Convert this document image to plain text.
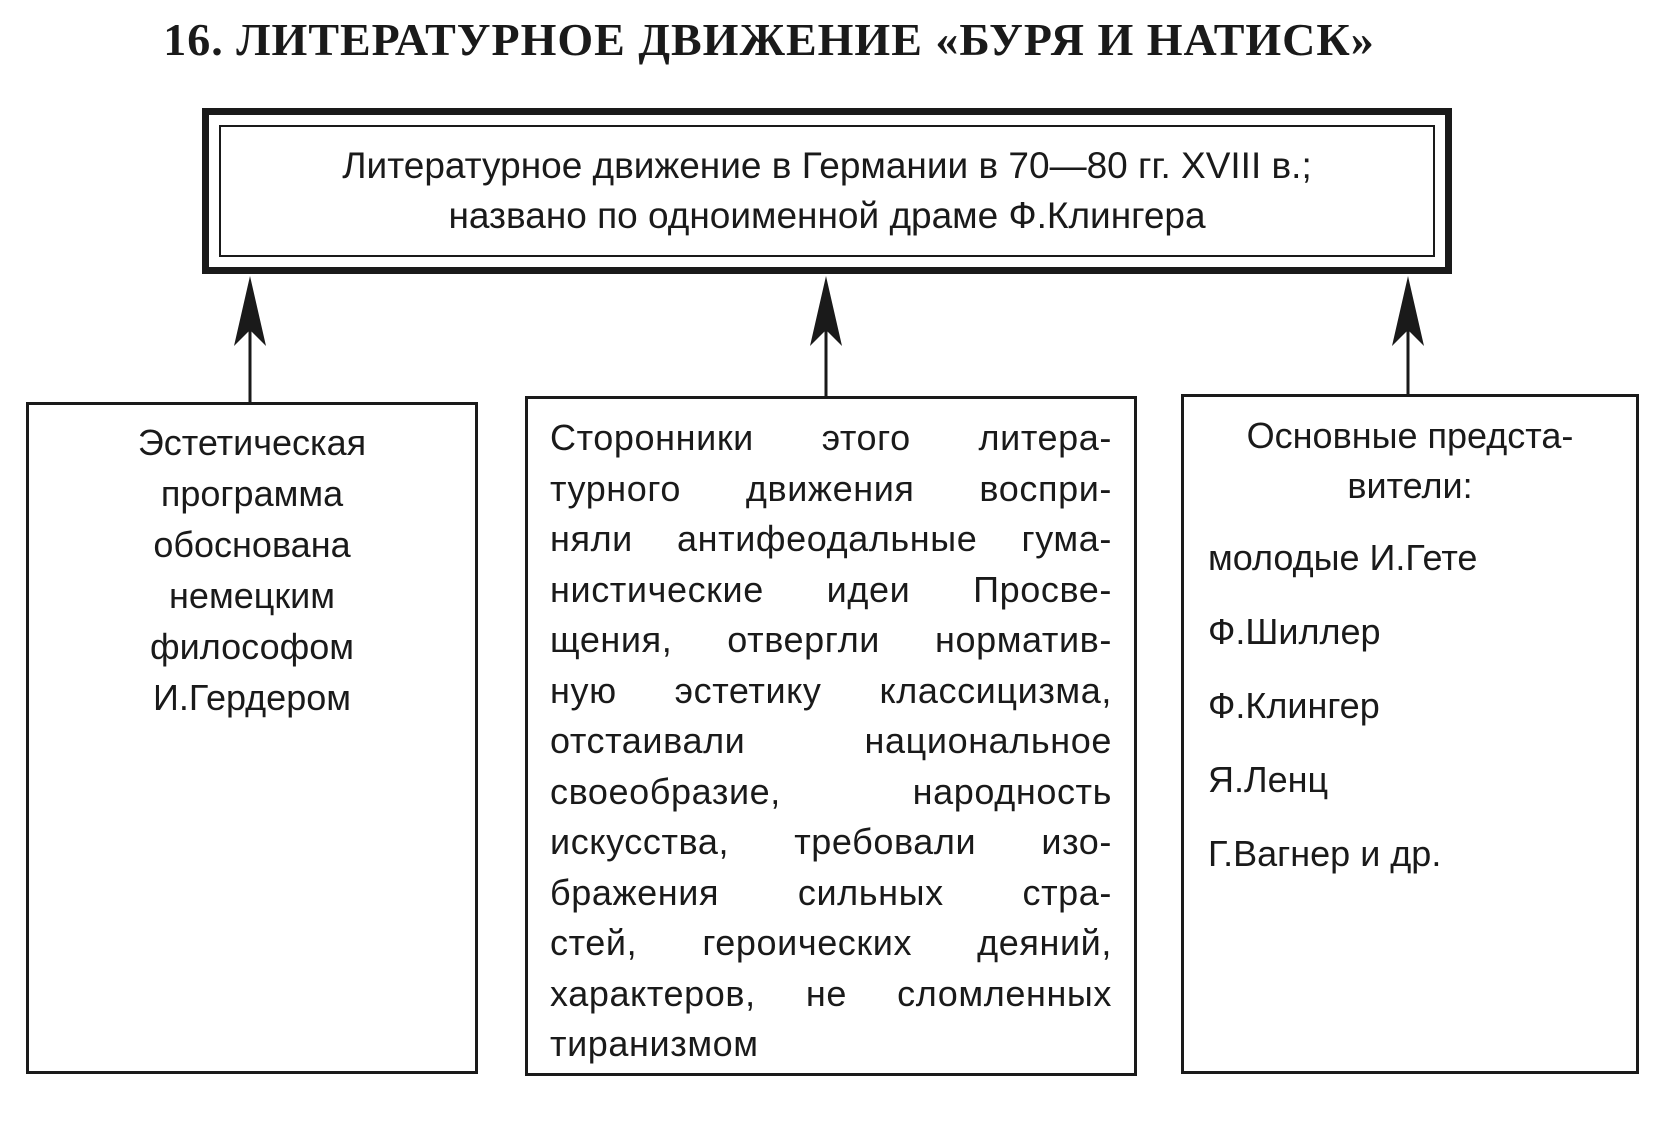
16. ЛИТЕРАТУРНОЕ ДВИЖЕНИЕ «БУРЯ И НАТИСК»
Литературное движение в Германии в 70—80 гг. XVIII в.;
названо по одноименной драме Ф.Клингера
Эстетическая
программа
обоснована
немецким
философом
И.Гердером
Сторонники этого литера-
турного движения воспри-
няли антифеодальные гума-
нистические идеи Просве-
щения, отвергли норматив-
ную эстетику классицизма,
отстаивали национальное
своеобразие, народность
искусства, требовали изо-
бражения сильных стра-
стей, героических деяний,
характеров, не сломленных
тиранизмом
Основные предста-
вители:
молодые И.Гете
Ф.Шиллер
Ф.Клингер
Я.Ленц
Г.Вагнер и др.
